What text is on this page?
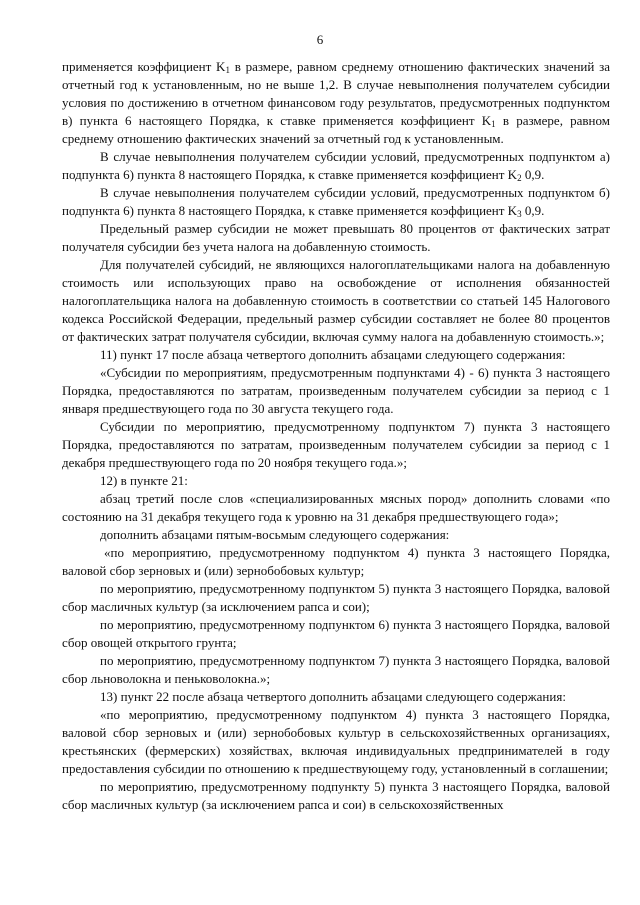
6

применяется коэффициент $K_1$ в размере, равном среднему отношению фактических значений за отчетный год к установленным, но не выше 1,2. В случае невыполнения получателем субсидии условия по достижению в отчетном финансовом году результатов, предусмотренных подпунктом в) пункта 6 настоящего Порядка, к ставке применяется коэффициент $K_1$ в размере, равном среднему отношению фактических значений за отчетный год к установленным.

В случае невыполнения получателем субсидии условий, предусмотренных подпунктом а) подпункта 6) пункта 8 настоящего Порядка, к ставке применяется коэффициент $K_2$ 0,9.

В случае невыполнения получателем субсидии условий, предусмотренных подпунктом б) подпункта 6) пункта 8 настоящего Порядка, к ставке применяется коэффициент $K_3$ 0,9.

Предельный размер субсидии не может превышать 80 процентов от фактических затрат получателя субсидии без учета налога на добавленную стоимость.

Для получателей субсидий, не являющихся налогоплательщиками налога на добавленную стоимость или использующих право на освобождение от исполнения обязанностей налогоплательщика налога на добавленную стоимость в соответствии со статьей 145 Налогового кодекса Российской Федерации, предельный размер субсидии составляет не более 80 процентов от фактических затрат получателя субсидии, включая сумму налога на добавленную стоимость.»;

11) пункт 17 после абзаца четвертого дополнить абзацами следующего содержания:

«Субсидии по мероприятиям, предусмотренным подпунктами 4) - 6) пункта 3 настоящего Порядка, предоставляются по затратам, произведенным получателем субсидии за период с 1 января предшествующего года по 30 августа текущего года.

Субсидии по мероприятию, предусмотренному подпунктом 7) пункта 3 настоящего Порядка, предоставляются по затратам, произведенным получателем субсидии за период с 1 декабря предшествующего года по 20 ноября текущего года.»;

12) в пункте 21:

абзац третий после слов «специализированных мясных пород» дополнить словами «по состоянию на 31 декабря текущего года к уровню на 31 декабря предшествующего года»;

дополнить абзацами пятым-восьмым следующего содержания:

«по мероприятию, предусмотренному подпунктом 4) пункта 3 настоящего Порядка, валовой сбор зерновых и (или) зернобобовых культур;

по мероприятию, предусмотренному подпунктом 5) пункта 3 настоящего Порядка, валовой сбор масличных культур (за исключением рапса и сои);

по мероприятию, предусмотренному подпунктом 6) пункта 3 настоящего Порядка, валовой сбор овощей открытого грунта;

по мероприятию, предусмотренному подпунктом 7) пункта 3 настоящего Порядка, валовой сбор льноволокна и пеньковолокна.»;

13) пункт 22 после абзаца четвертого дополнить абзацами следующего содержания:

«по мероприятию, предусмотренному подпунктом 4) пункта 3 настоящего Порядка, валовой сбор зерновых и (или) зернобобовых культур в сельскохозяйственных организациях, крестьянских (фермерских) хозяйствах, включая индивидуальных предпринимателей в году предоставления субсидии по отношению к предшествующему году, установленный в соглашении;

по мероприятию, предусмотренному подпункту 5) пункта 3 настоящего Порядка, валовой сбор масличных культур (за исключением рапса и сои) в сельскохозяйственных
